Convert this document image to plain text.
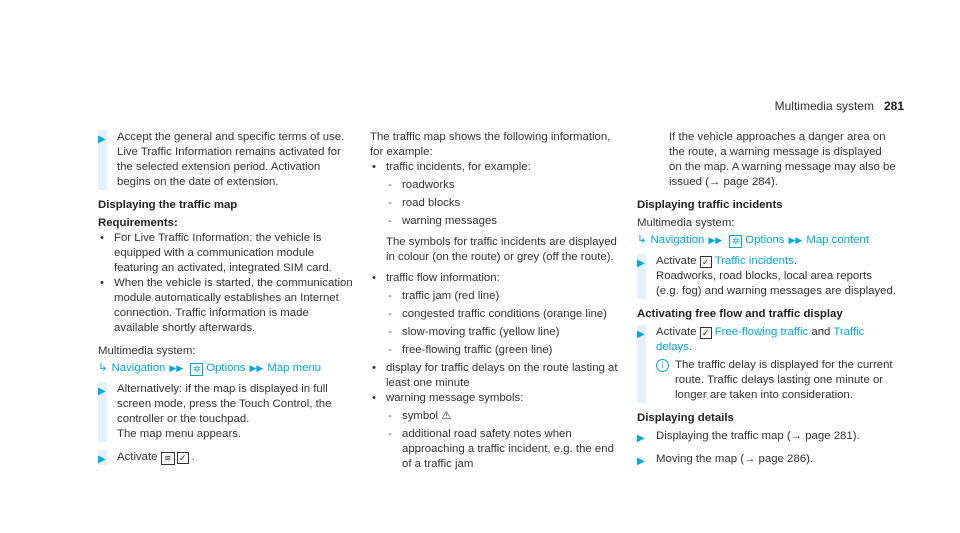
Multimedia system 281
▶ Accept the general and specific terms of use. Live Traffic Information remains activated for the selected extension period. Activation begins on the date of extension.

Displaying the traffic map

Requirements:

• For Live Traffic Information: the vehicle is equipped with a communication module featuring an activated, integrated SIM card.
• When the vehicle is started, the communication module automatically establishes an Internet connection. Traffic information is made available shortly afterwards.

Multimedia system:

↳ Navigation ▶▶ ✲ Options ▶▶ Map menu

▶ Alternatively: if the map is displayed in full screen mode, press the Touch Control, the controller or the touchpad.

The map menu appears.

▶ Activate ≋ ✓ .

The traffic map shows the following information,

for example:

• traffic incidents, for example:
- roadworks
- road blocks
- warning messages

The symbols for traffic incidents are displayed in colour (on the route) or grey (off the route).

• traffic flow information:
- traffic jam (red line)
- congested traffic conditions (orange line)
- slow-moving traffic (yellow line)
- free-flowing traffic (green line)
• display for traffic delays on the route lasting at least one minute
• warning message symbols:
- symbol ⚠
- additional road safety notes when approaching a traffic incident, e.g. the end of a traffic jam

If the vehicle approaches a danger area on the route, a warning message is displayed on the map. A warning message may also be issued (→ page 284).

Displaying traffic incidents

Multimedia system:

↳ Navigation ▶▶ ✲ Options ▶▶ Map content

▶ Activate ✓ Traffic incidents.

Roadworks, road blocks, local area reports (e.g. fog) and warning messages are displayed.

Activating free flow and traffic display

▶ Activate ✓ Free-flowing traffic and Traffic delays.

i	The traffic delay is displayed for the current route. Traffic delays lasting one minute or longer are taken into consideration.

Displaying details

▶ Displaying the traffic map (→ page 281).

▶ Moving the map (→ page 286).
